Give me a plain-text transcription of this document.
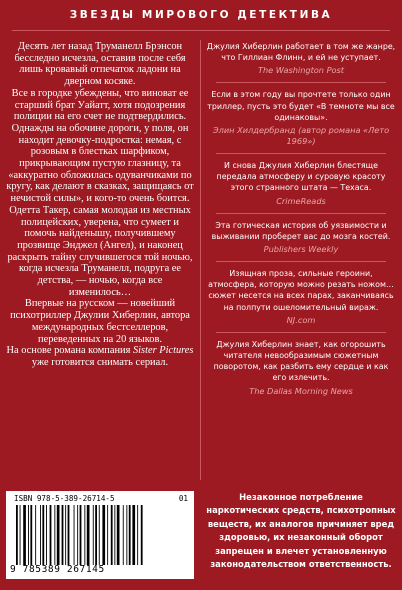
ЗВЕЗДЫ МИРОВОГО ДЕТЕКТИВА

Десять лет назад Труманелл Брэнсон бесследно исчезла, оставив после себя лишь кровавый отпечаток ладони на дверном косяке.

Все в городке убеждены, что виноват ее старший брат Уайатт, хотя подозрения полиции на его счет не подтвердились.

Однажды на обочине дороги, у поля, он находит девочку-подростка: немая, с розовым в блестках шарфиком, прикрывающим пустую глазницу, та «аккуратно обложилась одуванчиками по кругу, как делают в сказках, защищаясь от нечистой силы», и кого-то очень боится. Одетта Такер, самая молодая из местных полицейских, уверена, что сумеет и помочь найденышу, получившему прозвище Энджел (Ангел), и наконец раскрыть тайну случившегося той ночью, когда исчезла Труманелл, подруга ее детства, — ночью, когда все изменилось…

Впервые на русском — новейший психотриллер Джулии Хиберлин, автора международных бестселлеров, переведенных на 20 языков.

На основе романа компания Sister Pictures уже готовится снимать сериал.

Джулия Хиберлин работает в том же жанре, что Гиллиан Флинн, и ей не уступает.
The Washington Post
Если в этом году вы прочтете только один триллер, пусть это будет «В темноте мы все одинаковы».
Элин Хилдербранд (автор романа «Лето 1969»)
И снова Джулия Хиберлин блестяще передала атмосферу и суровую красоту этого странного штата — Техаса.
CrimeReads
Эта готическая история об уязвимости и выживании проберет вас до мозга костей.
Publishers Weekly
Изящная проза, сильные героини, атмосфера, которую можно резать ножом… сюжет несется на всех парах, заканчиваясь на полпути ошеломительный вираж.
NJ.com
Джулия Хиберлин знает, как огорошить читателя невообразимым сюжетным поворотом, как разбить ему сердце и как его излечить.
The Dallas Morning News
ISBN 978-5-389-26714-5	01
9 785389 267145
Незаконное потребление наркотических средств, психотропных веществ, их аналогов причиняет вред здоровью, их незаконный оборот запрещен и влечет установленную законодательством ответственность.
